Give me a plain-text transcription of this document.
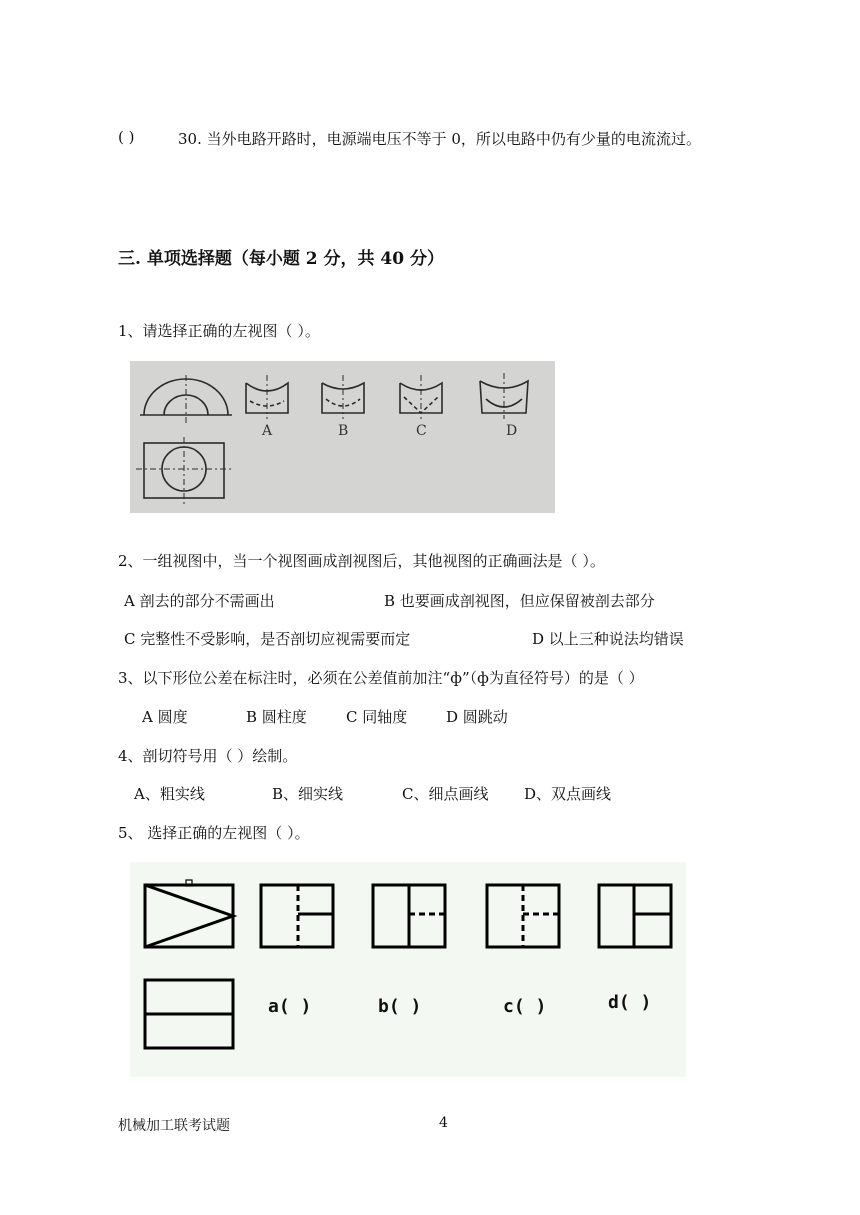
( )	30. 当外电路开路时，电源端电压不等于 0，所以电路中仍有少量的电流流过。
三. 单项选择题（每小题 2 分，共 40 分）
1、请选择正确的左视图（ ）。
A	B	C	D
2、一组视图中，当一个视图画成剖视图后，其他视图的正确画法是（ ）。
A 剖去的部分不需画出	B 也要画成剖视图，但应保留被剖去部分
C 完整性不受影响，是否剖切应视需要而定	D 以上三种说法均错误
3、以下形位公差在标注时，必须在公差值前加注“ф”（ф为直径符号）的是（ ）
A 圆度	B 圆柱度	C 同轴度	D 圆跳动
4、剖切符号用（ ）绘制。
A、粗实线	B、细实线	C、细点画线 D、双点画线
5、 选择正确的左视图（ ）。
a( )	b( )	c( )	d( )
机械加工联考试题	4
